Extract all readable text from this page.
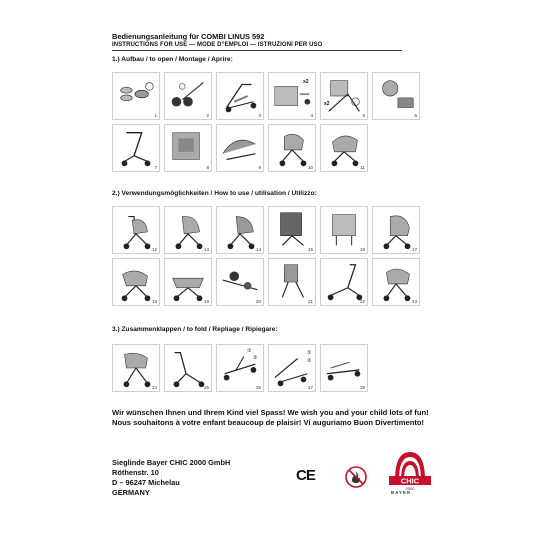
Bedienungsanleitung für COMBI LINUS 592
INSTRUCTIONS FOR USE — MODE D”EMPLOI — ISTRUZIONI PER USO
1.) Aufbau / to open / Montage / Aprire:
1	2	3
x2
4
x2
5	6
7	8	9	10	11
2.) Verwendungsmöglichkeiten / How to use / utilisation / Utilizzo:
12	13	14	15	16	17
18	19	20	21	22	23
3.) Zusammenklappen / to fold / Repliage / Ripiegare:
24	25
①
②
26
①
②
27	28
Wir wünschen Ihnen und Ihrem Kind viel Spass! We wish you and your child lots of fun! Nous souhaitons à votre enfant beaucoup de plaisir! Vi auguriamo Buon Divertimento!
Sieglinde Bayer CHIC 2000 GmbH
Röthenstr. 10
D – 96247 Michelau
GERMANY
CE	CHIC
2000
BAYER
